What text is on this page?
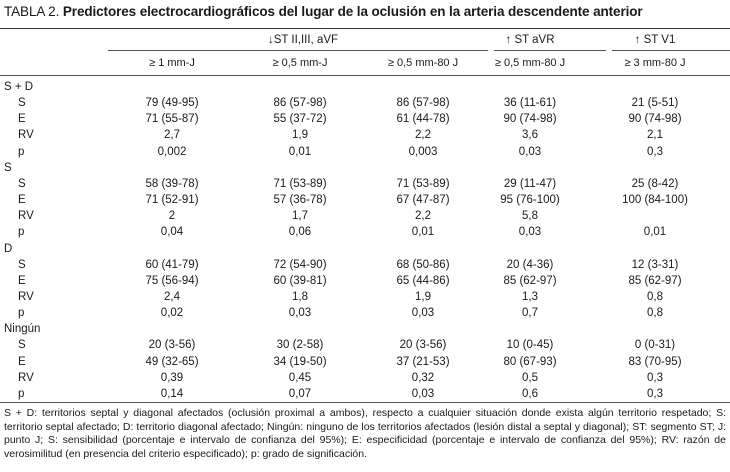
TABLA 2. Predictores electrocardiográficos del lugar de la oclusión en la arteria descendente anterior
↓ST II,III, aVF	↑ ST aVR	↑ ST V1
≥ 1 mm-J	≥ 0,5 mm-J	≥ 0,5 mm-80 J	≥ 0,5 mm-80 J	≥ 3 mm-80 J
S + D
S	79 (49-95)	86 (57-98)	86 (57-98)	36 (11-61)	21 (5-51)
E	71 (55-87)	55 (37-72)	61 (44-78)	90 (74-98)	90 (74-98)
RV	2,7	1,9	2,2	3,6	2,1
p	0,002	0,01	0,003	0,03	0,3
S
S	58 (39-78)	71 (53-89)	71 (53-89)	29 (11-47)	25 (8-42)
E	71 (52-91)	57 (36-78)	67 (47-87)	95 (76-100)	100 (84-100)
RV	2	1,7	2,2	5,8
p	0,04	0,06	0,01	0,03	0,01
D
S	60 (41-79)	72 (54-90)	68 (50-86)	20 (4-36)	12 (3-31)
E	75 (56-94)	60 (39-81)	65 (44-86)	85 (62-97)	85 (62-97)
RV	2,4	1,8	1,9	1,3	0,8
p	0,02	0,03	0,03	0,7	0,8
Ningún
S	20 (3-56)	30 (2-58)	20 (3-56)	10 (0-45)	0 (0-31)
E	49 (32-65)	34 (19-50)	37 (21-53)	80 (67-93)	83 (70-95)
RV	0,39	0,45	0,32	0,5	0,3
p	0,14	0,07	0,03	0,6	0,3
S + D: territorios septal y diagonal afectados (oclusión proximal a ambos), respecto a cualquier situación donde exista algún territorio respetado; S: territorio septal afectado; D: territorio diagonal afectado; Ningún: ninguno de los territorios afectados (lesión distal a septal y diagonal); ST: segmento ST; J: punto J; S: sensibilidad (porcentaje e intervalo de confianza del 95%); E: especificidad (porcentaje e intervalo de confianza del 95%); RV: razón de verosimilitud (en presencia del criterio especificado); p: grado de significación.
